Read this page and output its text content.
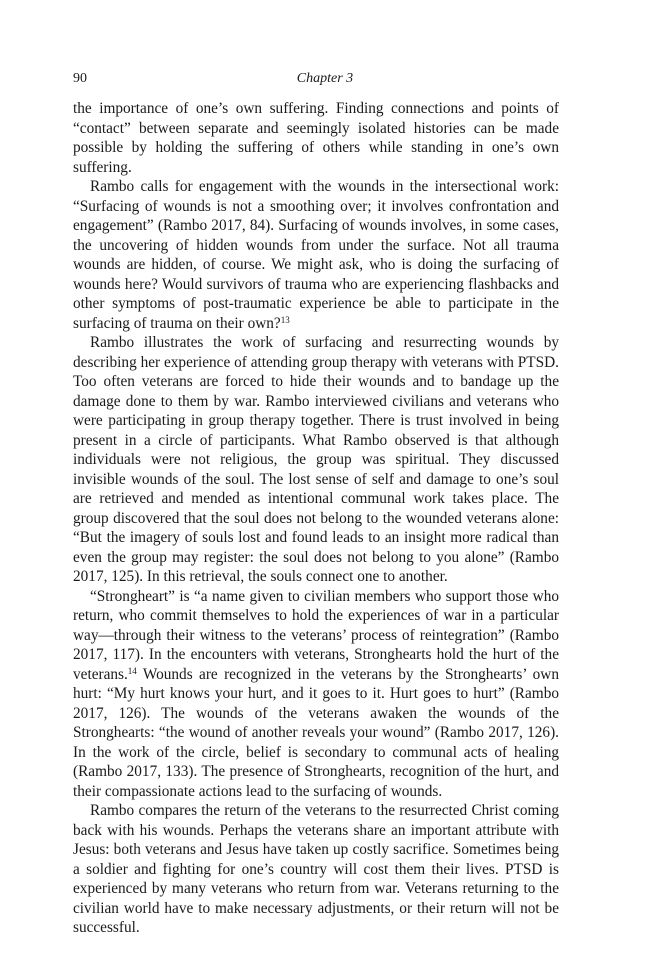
90	Chapter 3

the importance of one’s own suffering. Finding connections and points of “contact” between separate and seemingly isolated histories can be made possible by holding the suffering of others while standing in one’s own suffering.

Rambo calls for engagement with the wounds in the intersectional work: “Surfacing of wounds is not a smoothing over; it involves confrontation and engagement” (Rambo 2017, 84). Surfacing of wounds involves, in some cases, the uncovering of hidden wounds from under the surface. Not all trauma wounds are hidden, of course. We might ask, who is doing the surfacing of wounds here? Would survivors of trauma who are experiencing flashbacks and other symptoms of post-traumatic experience be able to participate in the surfacing of trauma on their own?$^{13}$

Rambo illustrates the work of surfacing and resurrecting wounds by describing her experience of attending group therapy with veterans with PTSD. Too often veterans are forced to hide their wounds and to bandage up the damage done to them by war. Rambo interviewed civilians and veterans who were participating in group therapy together. There is trust involved in being present in a circle of participants. What Rambo observed is that although individuals were not religious, the group was spiritual. They discussed invisible wounds of the soul. The lost sense of self and damage to one’s soul are retrieved and mended as intentional communal work takes place. The group discovered that the soul does not belong to the wounded veterans alone: “But the imagery of souls lost and found leads to an insight more radical than even the group may register: the soul does not belong to you alone” (Rambo 2017, 125). In this retrieval, the souls connect one to another.

“Strongheart” is “a name given to civilian members who support those who return, who commit themselves to hold the experiences of war in a particular way—through their witness to the veterans’ process of reintegration” (Rambo 2017, 117). In the encounters with veterans, Stronghearts hold the hurt of the veterans.$^{14}$ Wounds are recognized in the veterans by the Stronghearts’ own hurt: “My hurt knows your hurt, and it goes to it. Hurt goes to hurt” (Rambo 2017, 126). The wounds of the veterans awaken the wounds of the Stronghearts: “the wound of another reveals your wound” (Rambo 2017, 126). In the work of the circle, belief is secondary to communal acts of healing (Rambo 2017, 133). The presence of Stronghearts, recognition of the hurt, and their compassionate actions lead to the surfacing of wounds.

Rambo compares the return of the veterans to the resurrected Christ coming back with his wounds. Perhaps the veterans share an important attribute with Jesus: both veterans and Jesus have taken up costly sacrifice. Sometimes being a soldier and fighting for one’s country will cost them their lives. PTSD is experienced by many veterans who return from war. Veterans returning to the civilian world have to make necessary adjustments, or their return will not be successful.
